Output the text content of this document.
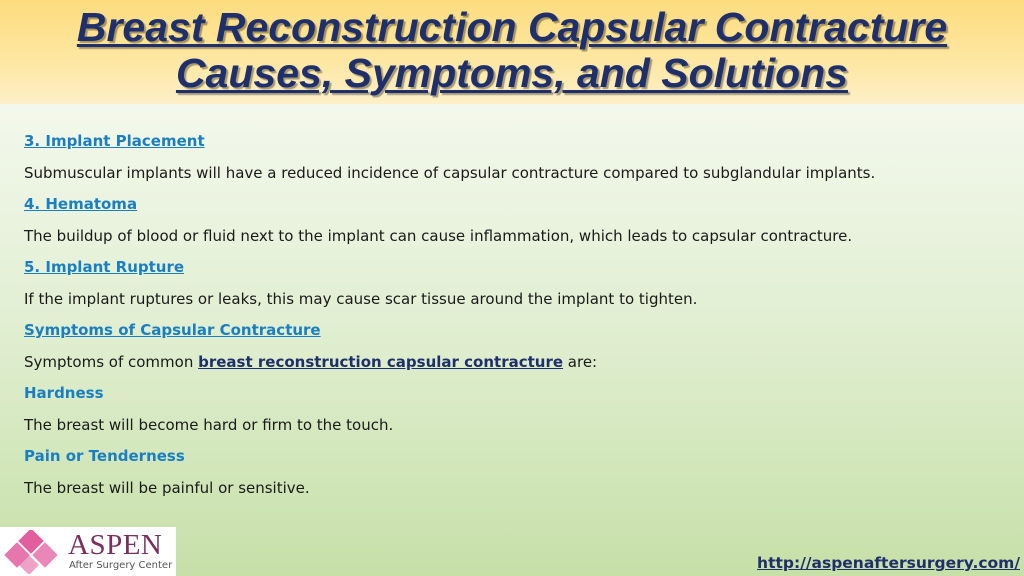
Breast Reconstruction Capsular Contracture
Causes, Symptoms, and Solutions
3. Implant Placement
Submuscular implants will have a reduced incidence of capsular contracture compared to subglandular implants.
4. Hematoma
The buildup of blood or fluid next to the implant can cause inflammation, which leads to capsular contracture.
5. Implant Rupture
If the implant ruptures or leaks, this may cause scar tissue around the implant to tighten.
Symptoms of Capsular Contracture
Symptoms of common breast reconstruction capsular contracture are:
Hardness
The breast will become hard or firm to the touch.
Pain or Tenderness
The breast will be painful or sensitive.
ASPEN
After Surgery Center	http://aspenaftersurgery.com/
